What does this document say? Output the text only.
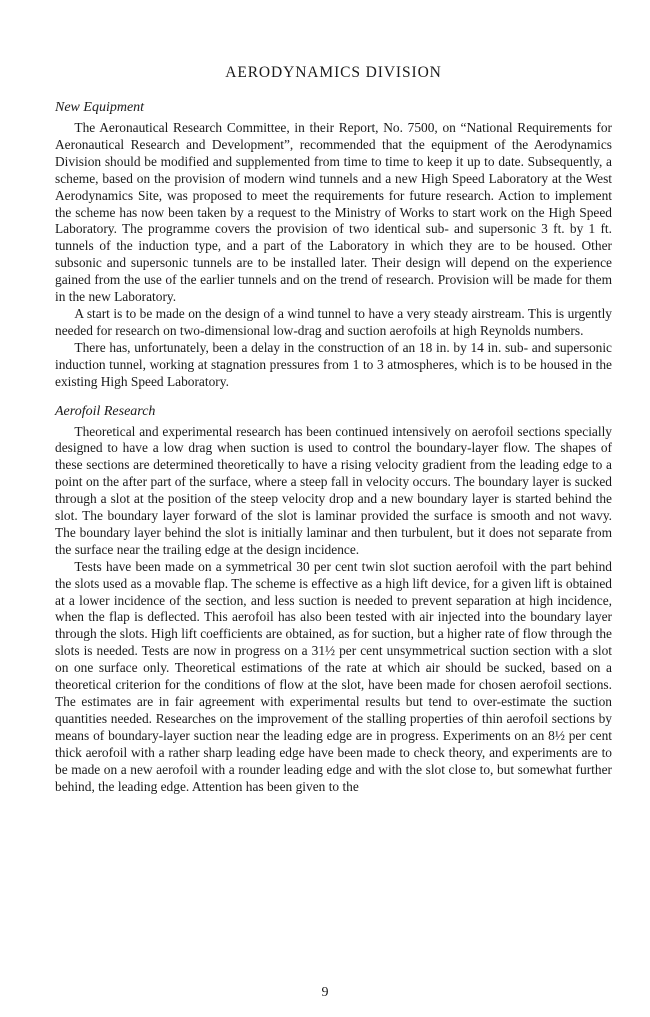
AERODYNAMICS DIVISION
New Equipment

The Aeronautical Research Committee, in their Report, No. 7500, on “National Requirements for Aeronautical Research and Development”, recommended that the equipment of the Aerodynamics Division should be modified and supplemented from time to time to keep it up to date. Subsequently, a scheme, based on the provision of modern wind tunnels and a new High Speed Laboratory at the West Aerodynamics Site, was proposed to meet the requirements for future research. Action to implement the scheme has now been taken by a request to the Ministry of Works to start work on the High Speed Laboratory. The programme covers the provision of two identical sub- and supersonic 3 ft. by 1 ft. tunnels of the induction type, and a part of the Laboratory in which they are to be housed. Other subsonic and supersonic tunnels are to be installed later. Their design will depend on the experience gained from the use of the earlier tunnels and on the trend of research. Provision will be made for them in the new Laboratory.

A start is to be made on the design of a wind tunnel to have a very steady airstream. This is urgently needed for research on two-dimensional low-drag and suction aerofoils at high Reynolds numbers.

There has, unfortunately, been a delay in the construction of an 18 in. by 14 in. sub- and supersonic induction tunnel, working at stagnation pressures from 1 to 3 atmospheres, which is to be housed in the existing High Speed Laboratory.

Aerofoil Research

Theoretical and experimental research has been continued intensively on aerofoil sections specially designed to have a low drag when suction is used to control the boundary-layer flow. The shapes of these sections are determined theoretically to have a rising velocity gradient from the leading edge to a point on the after part of the surface, where a steep fall in velocity occurs. The boundary layer is sucked through a slot at the position of the steep velocity drop and a new boundary layer is started behind the slot. The boundary layer forward of the slot is laminar provided the surface is smooth and not wavy. The boundary layer behind the slot is initially laminar and then turbulent, but it does not separate from the surface near the trailing edge at the design incidence.

Tests have been made on a symmetrical 30 per cent twin slot suction aerofoil with the part behind the slots used as a movable flap. The scheme is effective as a high lift device, for a given lift is obtained at a lower incidence of the section, and less suction is needed to prevent separation at high incidence, when the flap is deflected. This aerofoil has also been tested with air injected into the boundary layer through the slots. High lift coefficients are obtained, as for suction, but a higher rate of flow through the slots is needed. Tests are now in progress on a 31½ per cent unsymmetrical suction section with a slot on one surface only. Theoretical estimations of the rate at which air should be sucked, based on a theoretical criterion for the conditions of flow at the slot, have been made for chosen aerofoil sections. The estimates are in fair agreement with experimental results but tend to over-estimate the suction quantities needed. Researches on the improvement of the stalling properties of thin aerofoil sections by means of boundary-layer suction near the leading edge are in progress. Experiments on an 8½ per cent thick aerofoil with a rather sharp leading edge have been made to check theory, and experiments are to be made on a new aerofoil with a rounder leading edge and with the slot close to, but somewhat further behind, the leading edge. Attention has been given to the

9
